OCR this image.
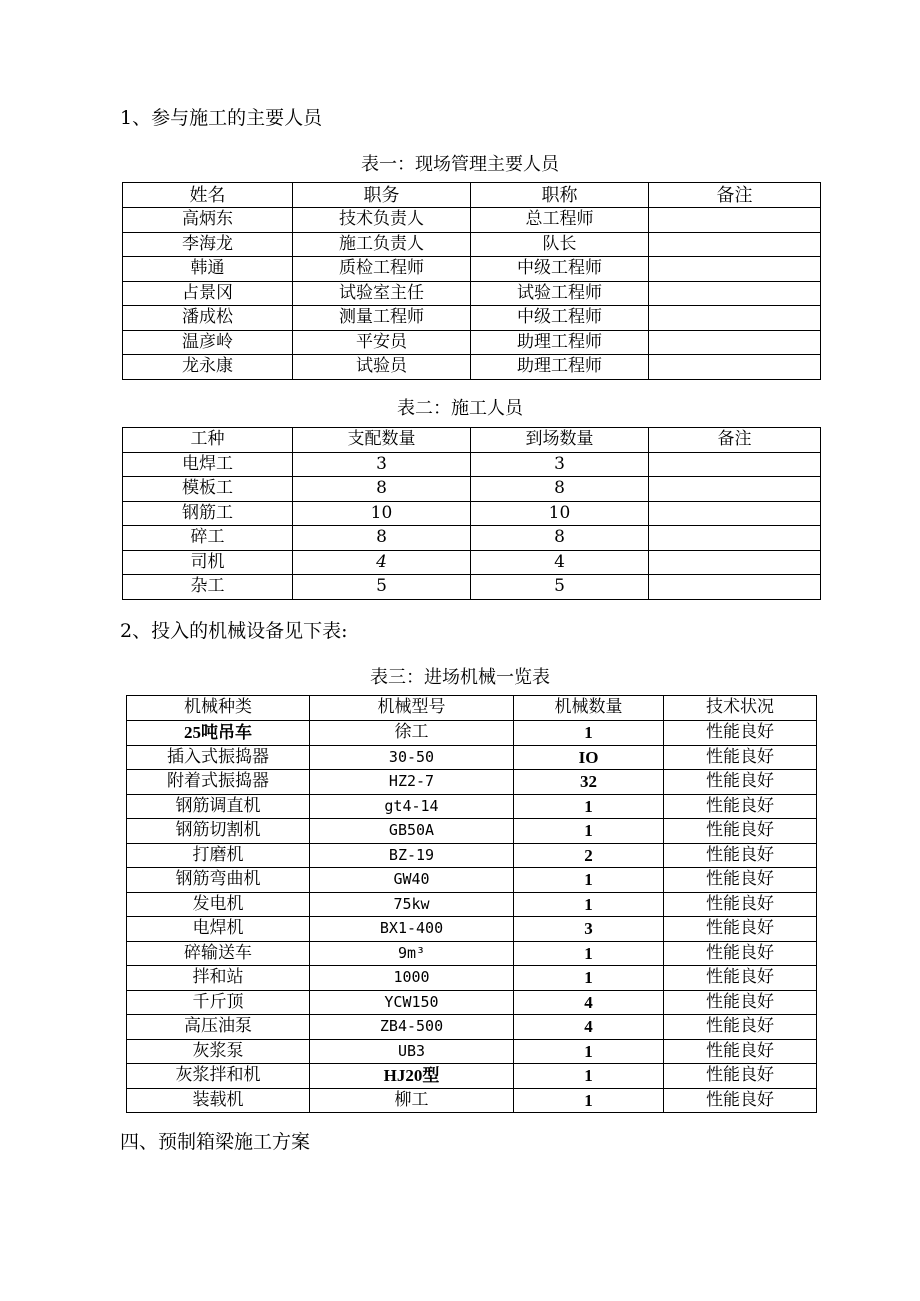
1、参与施工的主要人员
表一：现场管理主要人员
姓名	职务	职称	备注
高炳东	技术负责人	总工程师	
李海龙	施工负责人	队长	
韩通	质检工程师	中级工程师	
占景冈	试验室主任	试验工程师	
潘成松	测量工程师	中级工程师	
温彦岭	平安员	助理工程师	
龙永康	试验员	助理工程师	
表二：施工人员
工种	支配数量	到场数量	备注
电焊工	3	3	
模板工	8	8	
钢筋工	10	10	
碎工	8	8	
司机	4	4	
杂工	5	5	
2、投入的机械设备见下表:
表三：进场机械一览表
机械种类	机械型号	机械数量	技术状况
25吨吊车	徐工	1	性能良好
插入式振捣器	30-50	IO	性能良好
附着式振捣器	HZ2-7	32	性能良好
钢筋调直机	gt4-14	1	性能良好
钢筋切割机	GB50A	1	性能良好
打磨机	BZ-19	2	性能良好
钢筋弯曲机	GW40	1	性能良好
发电机	75kw	1	性能良好
电焊机	BX1-400	3	性能良好
碎输送车	9m³	1	性能良好
拌和站	1000	1	性能良好
千斤顶	YCW150	4	性能良好
高压油泵	ZB4-500	4	性能良好
灰浆泵	UB3	1	性能良好
灰浆拌和机	HJ20型	1	性能良好
装载机	柳工	1	性能良好
四、预制箱梁施工方案
